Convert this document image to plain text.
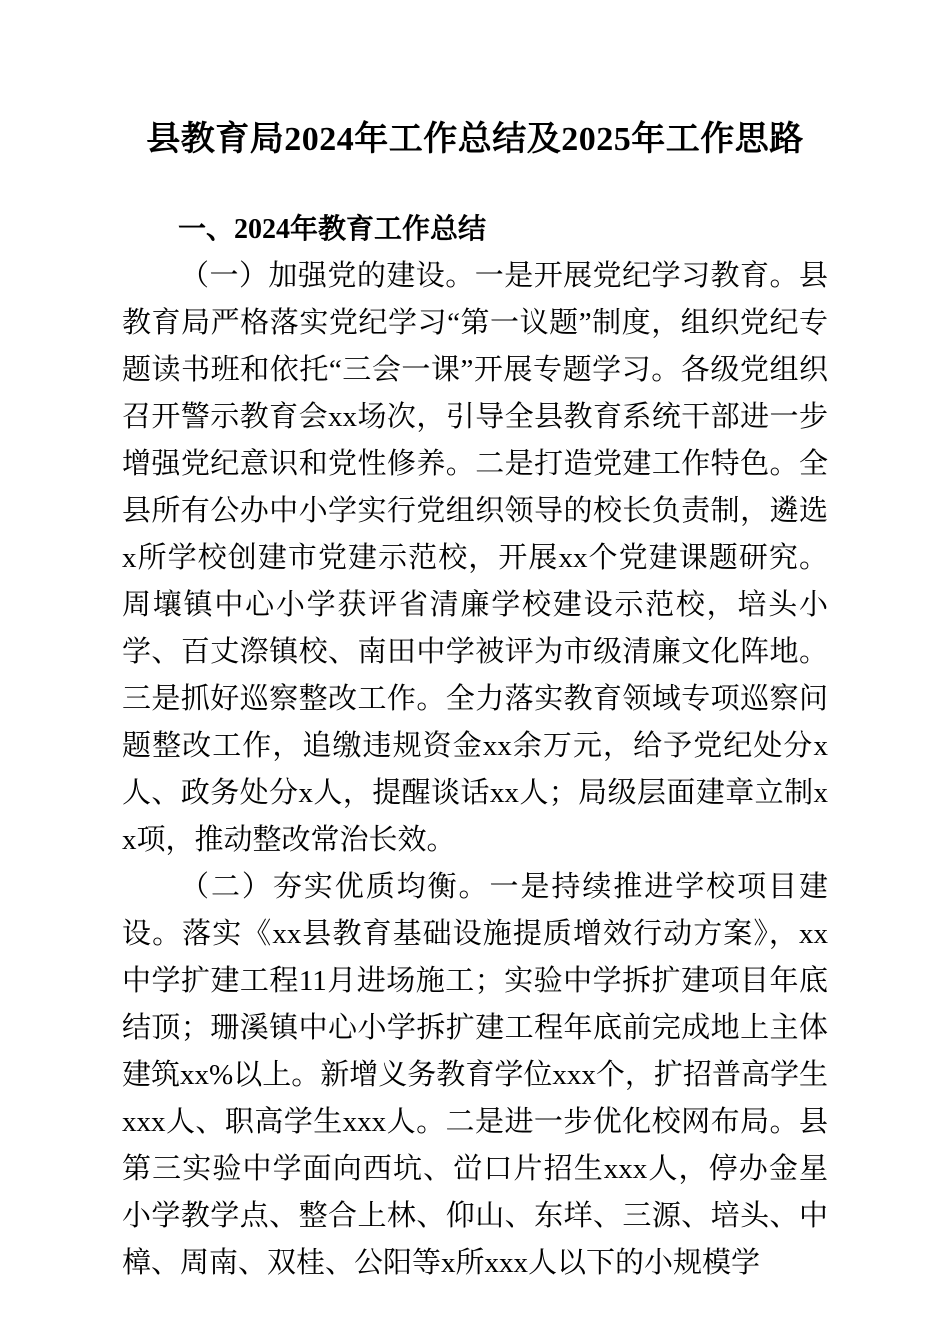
县教育局2024年工作总结及2025年工作思路
一、2024年教育工作总结

（一）加强党的建设。一是开展党纪学习教育。县教育局严格落实党纪学习“第一议题”制度，组织党纪专题读书班和依托“三会一课”开展专题学习。各级党组织召开警示教育会xx场次，引导全县教育系统干部进一步增强党纪意识和党性修养。二是打造党建工作特色。全县所有公办中小学实行党组织领导的校长负责制，遴选x所学校创建市党建示范校，开展xx个党建课题研究。周壤镇中心小学获评省清廉学校建设示范校，培头小学、百丈漈镇校、南田中学被评为市级清廉文化阵地。三是抓好巡察整改工作。全力落实教育领域专项巡察问题整改工作，追缴违规资金xx余万元，给予党纪处分x人、政务处分x人，提醒谈话xx人；局级层面建章立制xx项，推动整改常治长效。

（二）夯实优质均衡。一是持续推进学校项目建设。落实《xx县教育基础设施提质增效行动方案》，xx中学扩建工程11月进场施工；实验中学拆扩建项目年底结顶；珊溪镇中心小学拆扩建工程年底前完成地上主体建筑xx%以上。新增义务教育学位xxx个，扩招普高学生xxx人、职高学生xxx人。二是进一步优化校网布局。县第三实验中学面向西坑、峃口片招生xxx人，停办金星小学教学点、整合上林、仰山、东垟、三源、培头、中樟、周南、双桂、公阳等x所xxx人以下的小规模学
